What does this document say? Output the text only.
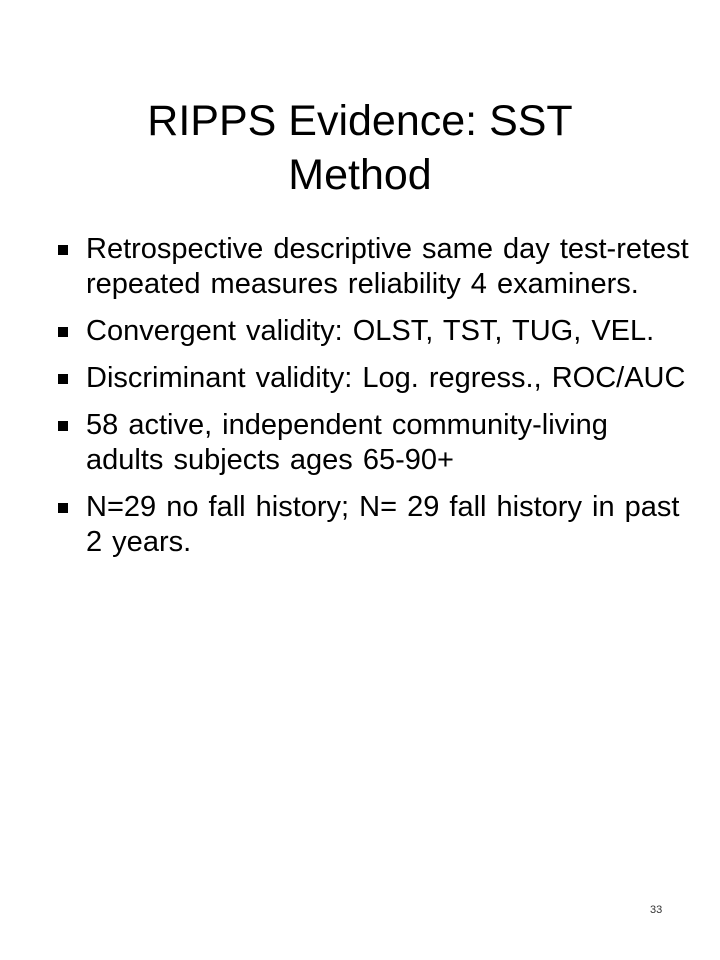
RIPPS Evidence: SST
Method
Retrospective descriptive same day test-retest repeated measures reliability 4 examiners.
Convergent validity: OLST, TST, TUG, VEL.
Discriminant validity: Log. regress., ROC/AUC
58 active, independent community-living adults subjects ages 65-90+
N=29 no fall history; N= 29 fall history in past 2 years.
33
